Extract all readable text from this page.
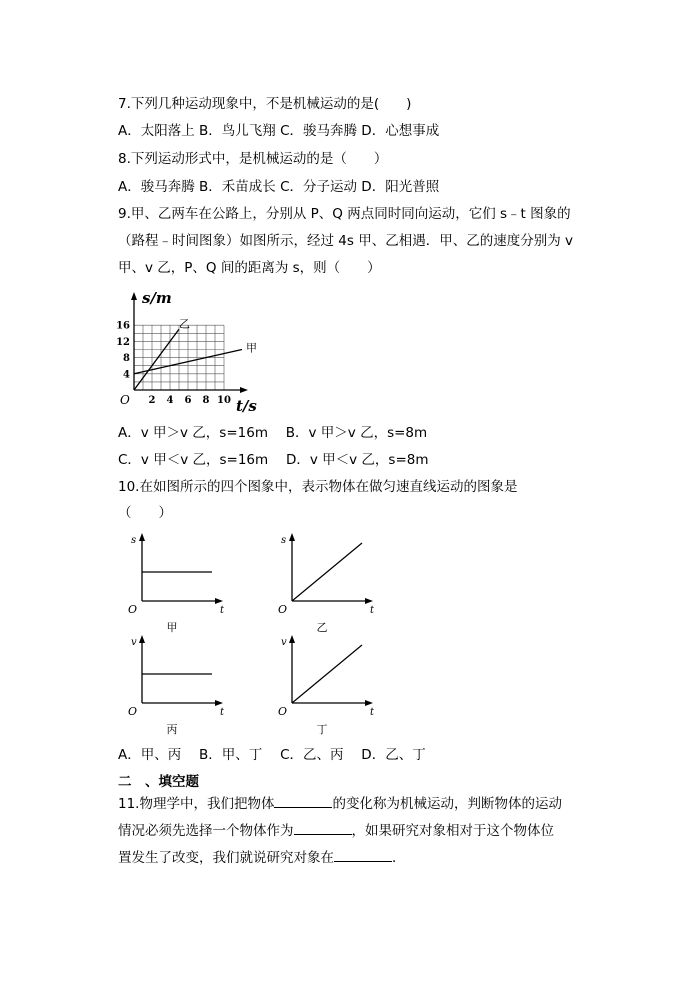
7.下列几种运动现象中，不是机械运动的是(　　)
A．太阳落上 B．鸟儿飞翔 C．骏马奔腾 D．心想事成
8.下列运动形式中，是机械运动的是（　　）
A．骏马奔腾 B．禾苗成长 C．分子运动 D．阳光普照
9.甲、乙两车在公路上，分别从 P、Q 两点同时同向运动，它们 s﹣t 图象的
（路程﹣时间图象）如图所示，经过 4s 甲、乙相遇．甲、乙的速度分别为 v
甲、v 乙，P、Q 间的距离为 s，则（　　）
s/m
t/s
O 2 4 6 8 10
4
8
12
16	乙
甲
A．v 甲＞v 乙，s=16m　 B．v 甲＞v 乙，s=8m
C．v 甲＜v 乙，s=16m　 D．v 甲＜v 乙，s=8m
10.在如图所示的四个图象中，表示物体在做匀速直线运动的图象是
（　　）
s
t
O
甲
s
t
O
乙
v
t
O
丙
v
t
O
丁
A．甲、丙　 B．甲、丁　 C．乙、丙　 D．乙、丁
二　、填空题
11.物理学中，我们把物体	的变化称为机械运动，判断物体的运动
情况必须先选择一个物体作为	，如果研究对象相对于这个物体位
置发生了改变，我们就说研究对象在	．
